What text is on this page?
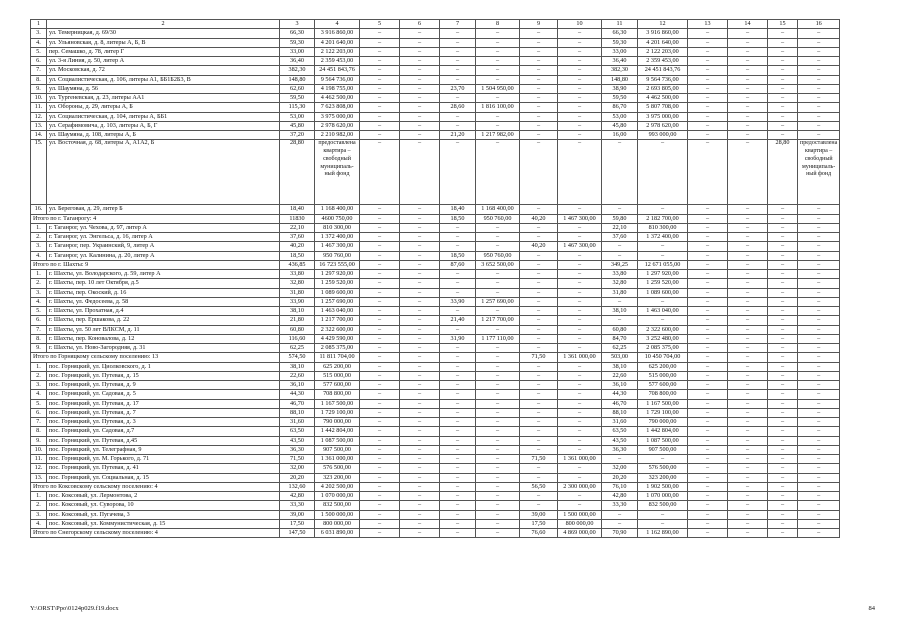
1	2	3	4	5	6	7	8	9	10	11	12	13	14	15	16
3.	ул. Темерницкая, д. 69/30	66,30	3 916 860,00	–	–	–	–	–	–	66,30	3 916 860,00	–	–	–	–
4.	ул. Ульяновская, д. 8, литеры А, Б, В	59,30	4 201 640,00	–	–	–	–	–	–	59,30	4 201 640,00	–	–	–	–
5.	пер. Семашко, д. 78, литер Г	33,00	2 122 203,00	–	–	–	–	–	–	33,00	2 122 203,00	–	–	–	–
6.	ул. 3-я Линия, д. 50, литер А	36,40	2 359 453,00	–	–	–	–	–	–	36,40	2 359 453,00	–	–	–	–
7.	ул. Московская, д. 72	382,30	24 451 843,76	–	–	–	–	–	–	382,30	24 451 843,76	–	–	–	–
8.	ул. Социалистическая, д. 106, литеры А1, ББ1Б2Б3, В	148,80	9 564 736,00	–	–	–	–	–	–	148,80	9 564 736,00	–	–	–	–
9.	ул. Шаумяна, д. 56	62,60	4 198 755,00	–	–	23,70	1 504 950,00	–	–	38,90	2 693 805,00	–	–	–	–
10.	ул. Тургеневская, д. 23, литеры АА1	59,50	4 462 500,00	–	–	–	–	–	–	59,50	4 462 500,00	–	–	–	–
11.	ул. Обороны, д. 29, литеры А, Б	115,30	7 623 808,00	–	–	28,60	1 816 100,00	–	–	86,70	5 807 708,00	–	–	–	–
12.	ул. Социалистическая, д. 104, литеры А, ББ1	53,00	3 975 000,00	–	–	–	–	–	–	53,00	3 975 000,00	–	–	–	–
13.	ул. Серафимовича, д. 103, литеры А, Б, Г	45,80	2 978 620,00	–	–	–	–	–	–	45,80	2 978 620,00	–	–	–	–
14.	ул. Шаумяна, д. 108, литеры А, Б	37,20	2 210 982,00	–	–	21,20	1 217 982,00	–	–	16,00	993 000,00	–	–	–	–
15.	ул. Восточная, д. 68, литеры А, А1А2, Б	28,80	предоставлена квартира – свободный муниципаль-ный фонд	–	–	–	–	–	–	–	–	–	–	28,80	предоставлена квартира – свободный муниципаль-ный фонд
16.	ул. Береговая, д. 29, литер Б	18,40	1 168 400,00	–	–	18,40	1 168 400,00	–	–	–	–	–	–	–	–
Итого по г. Таганрогу: 4		11830	4600 750,00	–	–	18,50	950 760,00	40,20	1 467 300,00	59,80	2 182 700,00	–	–	–	–
1.	г. Таганрог, ул. Чехова, д. 97, литер А	22,10	810 300,00	–	–	–	–	–	–	22,10	810 300,00	–	–	–	–
2.	г. Таганрог, ул. Энгельса, д. 16, литер А	37,60	1 372 400,00	–	–	–	–	–	–	37,60	1 372 400,00	–	–	–	–
3.	г. Таганрог, пер. Украинский, 9, литер А	40,20	1 467 300,00	–	–	–	–	40,20	1 467 300,00	–	–	–	–	–	–
4.	г. Таганрог, ул. Калинина, д. 20, литер А	18,50	950 760,00	–	–	18,50	950 760,00	–	–	–	–	–	–	–	–
Итого по г. Шахты: 9		436,85	16 723 555,00	–	–	87,60	3 652 500,00	–	–	349,25	12 671 055,00	–	–	–	–
1.	г. Шахты, ул. Володарского, д. 59, литер А	33,80	1 297 920,00	–	–	–	–	–	–	33,80	1 297 920,00	–	–	–	–
2.	г. Шахты, пер. 10 лет Октября, д.5	32,80	1 259 520,00	–	–	–	–	–	–	32,80	1 259 520,00	–	–	–	–
3.	г. Шахты, пер. Окоский, д. 16	31,80	1 089 600,00	–	–	–	–	–	–	31,80	1 089 600,00	–	–	–	–
4.	г. Шахты, ул. Федосеева, д. 58	33,90	1 257 690,00	–	–	33,90	1 257 690,00	–	–	–	–	–	–	–	–
5.	г. Шахты, ул. Прохатная, д.4	38,10	1 463 040,00	–	–	–	–	–	–	38,10	1 463 040,00	–	–	–	–
6.	г. Шахты, пер. Ершакова, д. 22	21,80	1 217 700,00	–	–	21,40	1 217 700,00	–	–	–	–	–	–	–	–
7.	г. Шахты, ул. 50 лет ВЛКСМ, д. 11	60,80	2 322 600,00	–	–	–	–	–	–	60,80	2 322 600,00	–	–	–	–
8.	г. Шахты, пер. Коновалова, д. 12	116,60	4 429 590,00	–	–	31,90	1 177 110,00	–	–	84,70	3 252 480,00	–	–	–	–
9.	г. Шахты, ул. Ново-Загородняя, д. 31	62,25	2 085 375,00	–	–	–	–	–	–	62,25	2 085 375,00	–	–	–	–
Итого по Горняцкому сельскому поселению: 13		574,50	11 811 704,00	–	–	–	–	71,50	1 361 000,00	503,00	10 450 704,00	–	–	–	–
1.	пос. Горняцкий, ул. Циолковского, д. 1	38,10	625 200,00	–	–	–	–	–	–	38,10	625 200,00	–	–	–	–
2.	пос. Горняцкий, ул. Путевая, д. 15	22,60	515 000,00	–	–	–	–	–	–	22,60	515 000,00	–	–	–	–
3.	пос. Горняцкий, ул. Путевая, д. 9	36,10	577 600,00	–	–	–	–	–	–	36,10	577 600,00	–	–	–	–
4.	пос. Горняцкий, ул. Садовая, д. 5	44,30	708 800,00	–	–	–	–	–	–	44,30	708 800,00	–	–	–	–
5.	пос. Горняцкий, ул. Путевая, д. 17	46,70	1 167 500,00	–	–	–	–	–	–	46,70	1 167 500,00	–	–	–	–
6.	пос. Горняцкий, ул. Путевая, д. 7	88,10	1 729 100,00	–	–	–	–	–	–	88,10	1 729 100,00	–	–	–	–
7.	пос. Горняцкий, ул. Путевая, д. 3	31,60	790 000,00	–	–	–	–	–	–	31,60	790 000,00	–	–	–	–
8.	пос. Горняцкий, ул. Садовая, д.7	63,50	1 442 804,00	–	–	–	–	–	–	63,50	1 442 804,00	–	–	–	–
9.	пос. Горняцкий, ул. Путевая, д.45	43,50	1 087 500,00	–	–	–	–	–	–	43,50	1 087 500,00	–	–	–	–
10.	пос. Горняцкий, ул. Телеграфная, 9	36,30	907 500,00	–	–	–	–	–	–	36,30	907 500,00	–	–	–	–
11.	пос. Горняцкий, ул. М. Горького, д. 71	71,50	1 361 000,00	–	–	–	–	71,50	1 361 000,00	–	–	–	–	–	–
12.	пос. Горняцкий, ул. Путевая, д. 41	32,00	576 500,00	–	–	–	–	–	–	32,00	576 500,00	–	–	–	–
13.	пос. Горняцкий, ул. Социальная, д. 15	20,20	323 200,00	–	–	–	–	–	–	20,20	323 200,00	–	–	–	–
Итого по Коксовскому сельскому поселению: 4		132,60	4 202 500,00	–	–	–	–	56,50	2 300 000,00	76,10	1 902 500,00	–	–	–	–
1.	пос. Коксовый, ул. Лермонтова, 2	42,80	1 070 000,00	–	–	–	–	–	–	42,80	1 070 000,00	–	–	–	–
2.	пос. Коксовый, ул. Суворова, 10	33,30	832 500,00	–	–	–	–	–	–	33,30	832 500,00	–	–	–	–
3.	пос. Коксовый, ул. Пугачева, 3	39,00	1 500 000,00	–	–	–	–	39,00	1 500 000,00	–	–	–	–	–	–
4.	пос. Коксовый, ул. Коммунистическая, д. 15	17,50	800 000,00	–	–	–	–	17,50	800 000,00	–	–	–	–	–	–
Итого по Снегорскому сельскому поселению: 4		147,50	6 031 890,00	–	–	–	–	76,60	4 869 000,00	70,90	1 162 890,00	–	–	–	–
Y:\ORST\Ppo\0124p029.f19.docx	84
